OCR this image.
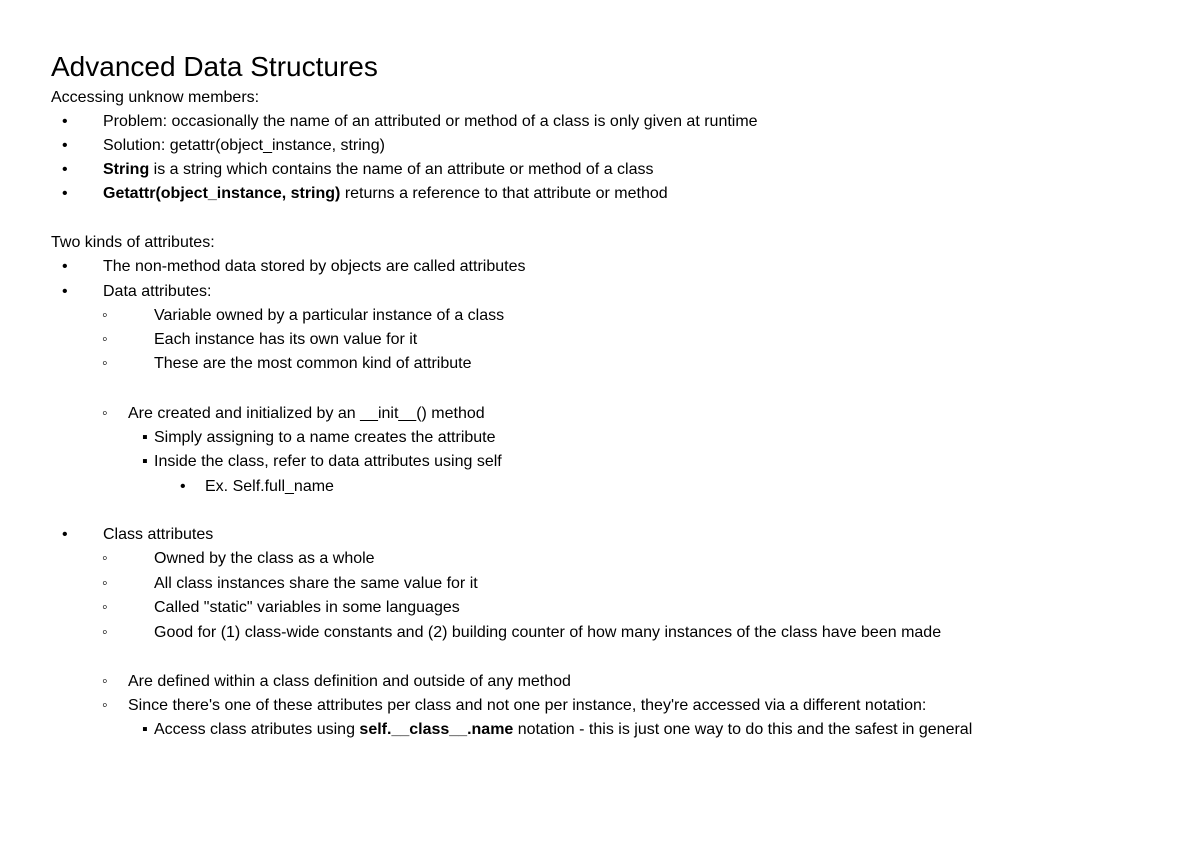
Advanced Data Structures
Accessing unknow members:
• Problem: occasionally the name of an attributed or method of a class is only given at runtime
• Solution: getattr(object_instance, string)
• String is a string which contains the name of an attribute or method of a class
• Getattr(object_instance, string) returns a reference to that attribute or method
Two kinds of attributes:
• The non-method data stored by objects are called attributes
• Data attributes:
◦	Variable owned by a particular instance of a class
◦	Each instance has its own value for it
◦	These are the most common kind of attribute
◦ Are created and initialized by an __init__() method
▪ Simply assigning to a name creates the attribute
▪ Inside the class, refer to data attributes using self
• Ex. Self.full_name
• Class attributes
◦	Owned by the class as a whole
◦	All class instances share the same value for it
◦	Called "static" variables in some languages
◦	Good for (1) class-wide constants and (2) building counter of how many instances of the class have been made
◦ Are defined within a class definition and outside of any method
◦ Since there's one of these attributes per class and not one per instance, they're accessed via a different notation:
▪ Access class atributes using self.__class__.name notation - this is just one way to do this and the safest in general
